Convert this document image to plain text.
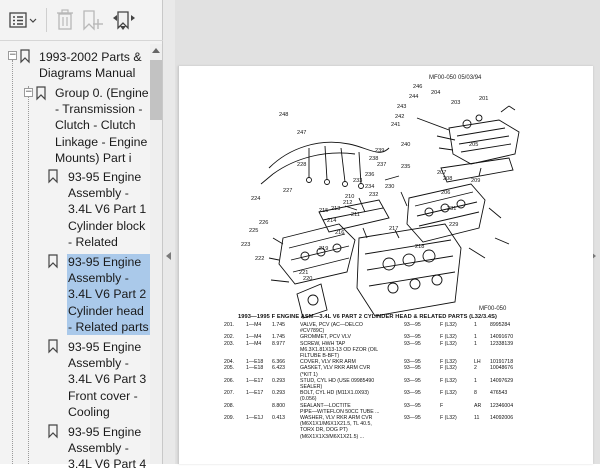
− 1993-2002 Parts &
Diagrams Manual
− Group 0. (Engine
- Transmission -
Clutch - Clutch
Linkage - Engine
Mounts) Part i
93-95 Engine
Assembly -
3.4L V6 Part 1
Cylinder block
- Related
93-95 Engine
Assembly -
3.4L V6 Part 2
Cylinder head
- Related parts
93-95 Engine
Assembly -
3.4L V6 Part 3
Front cover -
Cooling
93-95 Engine
Assembly -
3.4L V6 Part 4
MF00-050 05/03/94
246
244
204
203
201
243
242
248
241
247
205
240
239
238
237	235
236
233
234
228
227
232
230
209
208
207
206
231
215
229
224
226
225
223
222
221
220
219	218
217
216
214
213
212
211
210
MF00-050
1993—1995 F ENGINE ASM—3.4L V6 PART 2 CYLINDER HEAD & RELATED PARTS (L32/3.4S)
201.	1—M4	1.745	VALVE, PCV (AC—DELCO	93—95	F (L32)	1	8995284
			#CV789C)				
202.	1—M4	1.745	GROMMET, PCV VLV	93—95	F (L32)	1	14091670
203.	1—M4	8.977	SCREW, HWH TAP	93—95	F (L32)	1	12338139
			M6.3X1.81X13-13 OD FZOR (OIL				
			FILTUBE B-BFT)				
204.	1—E18	6.366	COVER, VLV RKR ARM	93—95	F (L32)	LH	10191718
205.	1—E18	6.423	GASKET, VLV RKR ARM CVR	93—95	F (L32)	2	10048676
			(*KIT 1)				
206.	1—E17	0.293	STUD, CYL HD (USE 09985490	93—95	F (L32)	1	14097629
			SEALER)				
207.	1—E17	0.293	BOLT, CYL HD (M11X1.0X93)	93—95	F (L32)	8	476543
			(0.056)				
208.		8.800	SEALANT—LOCTITE	93—95	F	AR	12346004
			PIPE—W/TEFLON 50CC TUBE ...				
209.	1—E1J	0.413	WASHER, VLV RKR ARM CVR	93—95	F (L32)	11	14092006
			(M6X1X1/M6X1X21.5, TL 40.5,				
			TORX DR, DOG PT)				
			(M6X1X1X3/M6X1X21.5) ...				
